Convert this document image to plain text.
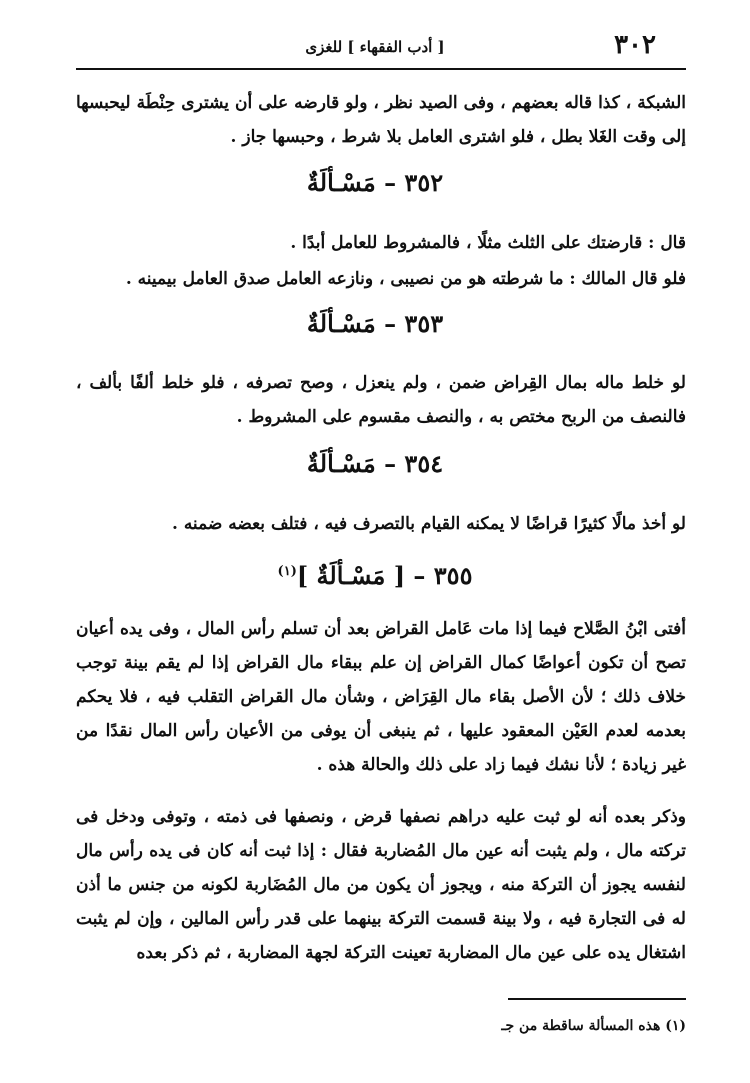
٣٠٢
[ أدب الفقهاء ] للغزى
الشبكة ، كذا قاله بعضهم ، وفى الصيد نظر ، ولو قارضه على أن يشترى حِنْطَة ليحبسها إلى وقت الغَلا بطل ، فلو اشترى العامل بلا شرط ، وحبسها جاز .
٣٥٢ – مَسْـألَةٌ
قال : قارضتك على الثلث مثلًا ، فالمشروط للعامل أبدًا .
فلو قال المالك : ما شرطته هو من نصيبى ، ونازعه العامل صدق العامل بيمينه .
٣٥٣ – مَسْـألَةٌ
لو خلط ماله بمال القِراض ضمن ، ولم ينعزل ، وصح تصرفه ، فلو خلط ألفًا بألف ، فالنصف من الربح مختص به ، والنصف مقسوم على المشروط .
٣٥٤ – مَسْـألَةٌ
لو أخذ مالًا كثيرًا قراضًا لا يمكنه القيام بالتصرف فيه ، فتلف بعضه ضمنه .
٣٥٥ – [ مَسْـألَةٌ ]$^{(١)}$
أفتى ابْنُ الصَّلاح فيما إذا مات عَامل القراض بعد أن تسلم رأس المال ، وفى يده أعيان تصح أن تكون أعواضًا كمال القراض إن علم ببقاء مال القراض إذا لم يقم بينة توجب خلاف ذلك ؛ لأن الأصل بقاء مال القِرَاض ، وشأن مال القراض التقلب فيه ، فلا يحكم بعدمه لعدم العَيْن المعقود عليها ، ثم ينبغى أن يوفى من الأعيان رأس المال نقدًا من غير زيادة ؛ لأنا نشك فيما زاد على ذلك والحالة هذه .
وذكر بعده أنه لو ثبت عليه دراهم نصفها قرض ، ونصفها فى ذمته ، وتوفى ودخل فى تركته مال ، ولم يثبت أنه عين مال المُضاربة فقال : إذا ثبت أنه كان فى يده رأس مال لنفسه يجوز أن التركة منه ، ويجوز أن يكون من مال المُضَاربة لكونه من جنس ما أذن له فى التجارة فيه ، ولا بينة قسمت التركة بينهما على قدر رأس المالين ، وإن لم يثبت اشتغال يده على عين مال المضاربة تعينت التركة لجهة المضاربة ، ثم ذكر بعده
(١) هذه المسألة ساقطة من جـ
